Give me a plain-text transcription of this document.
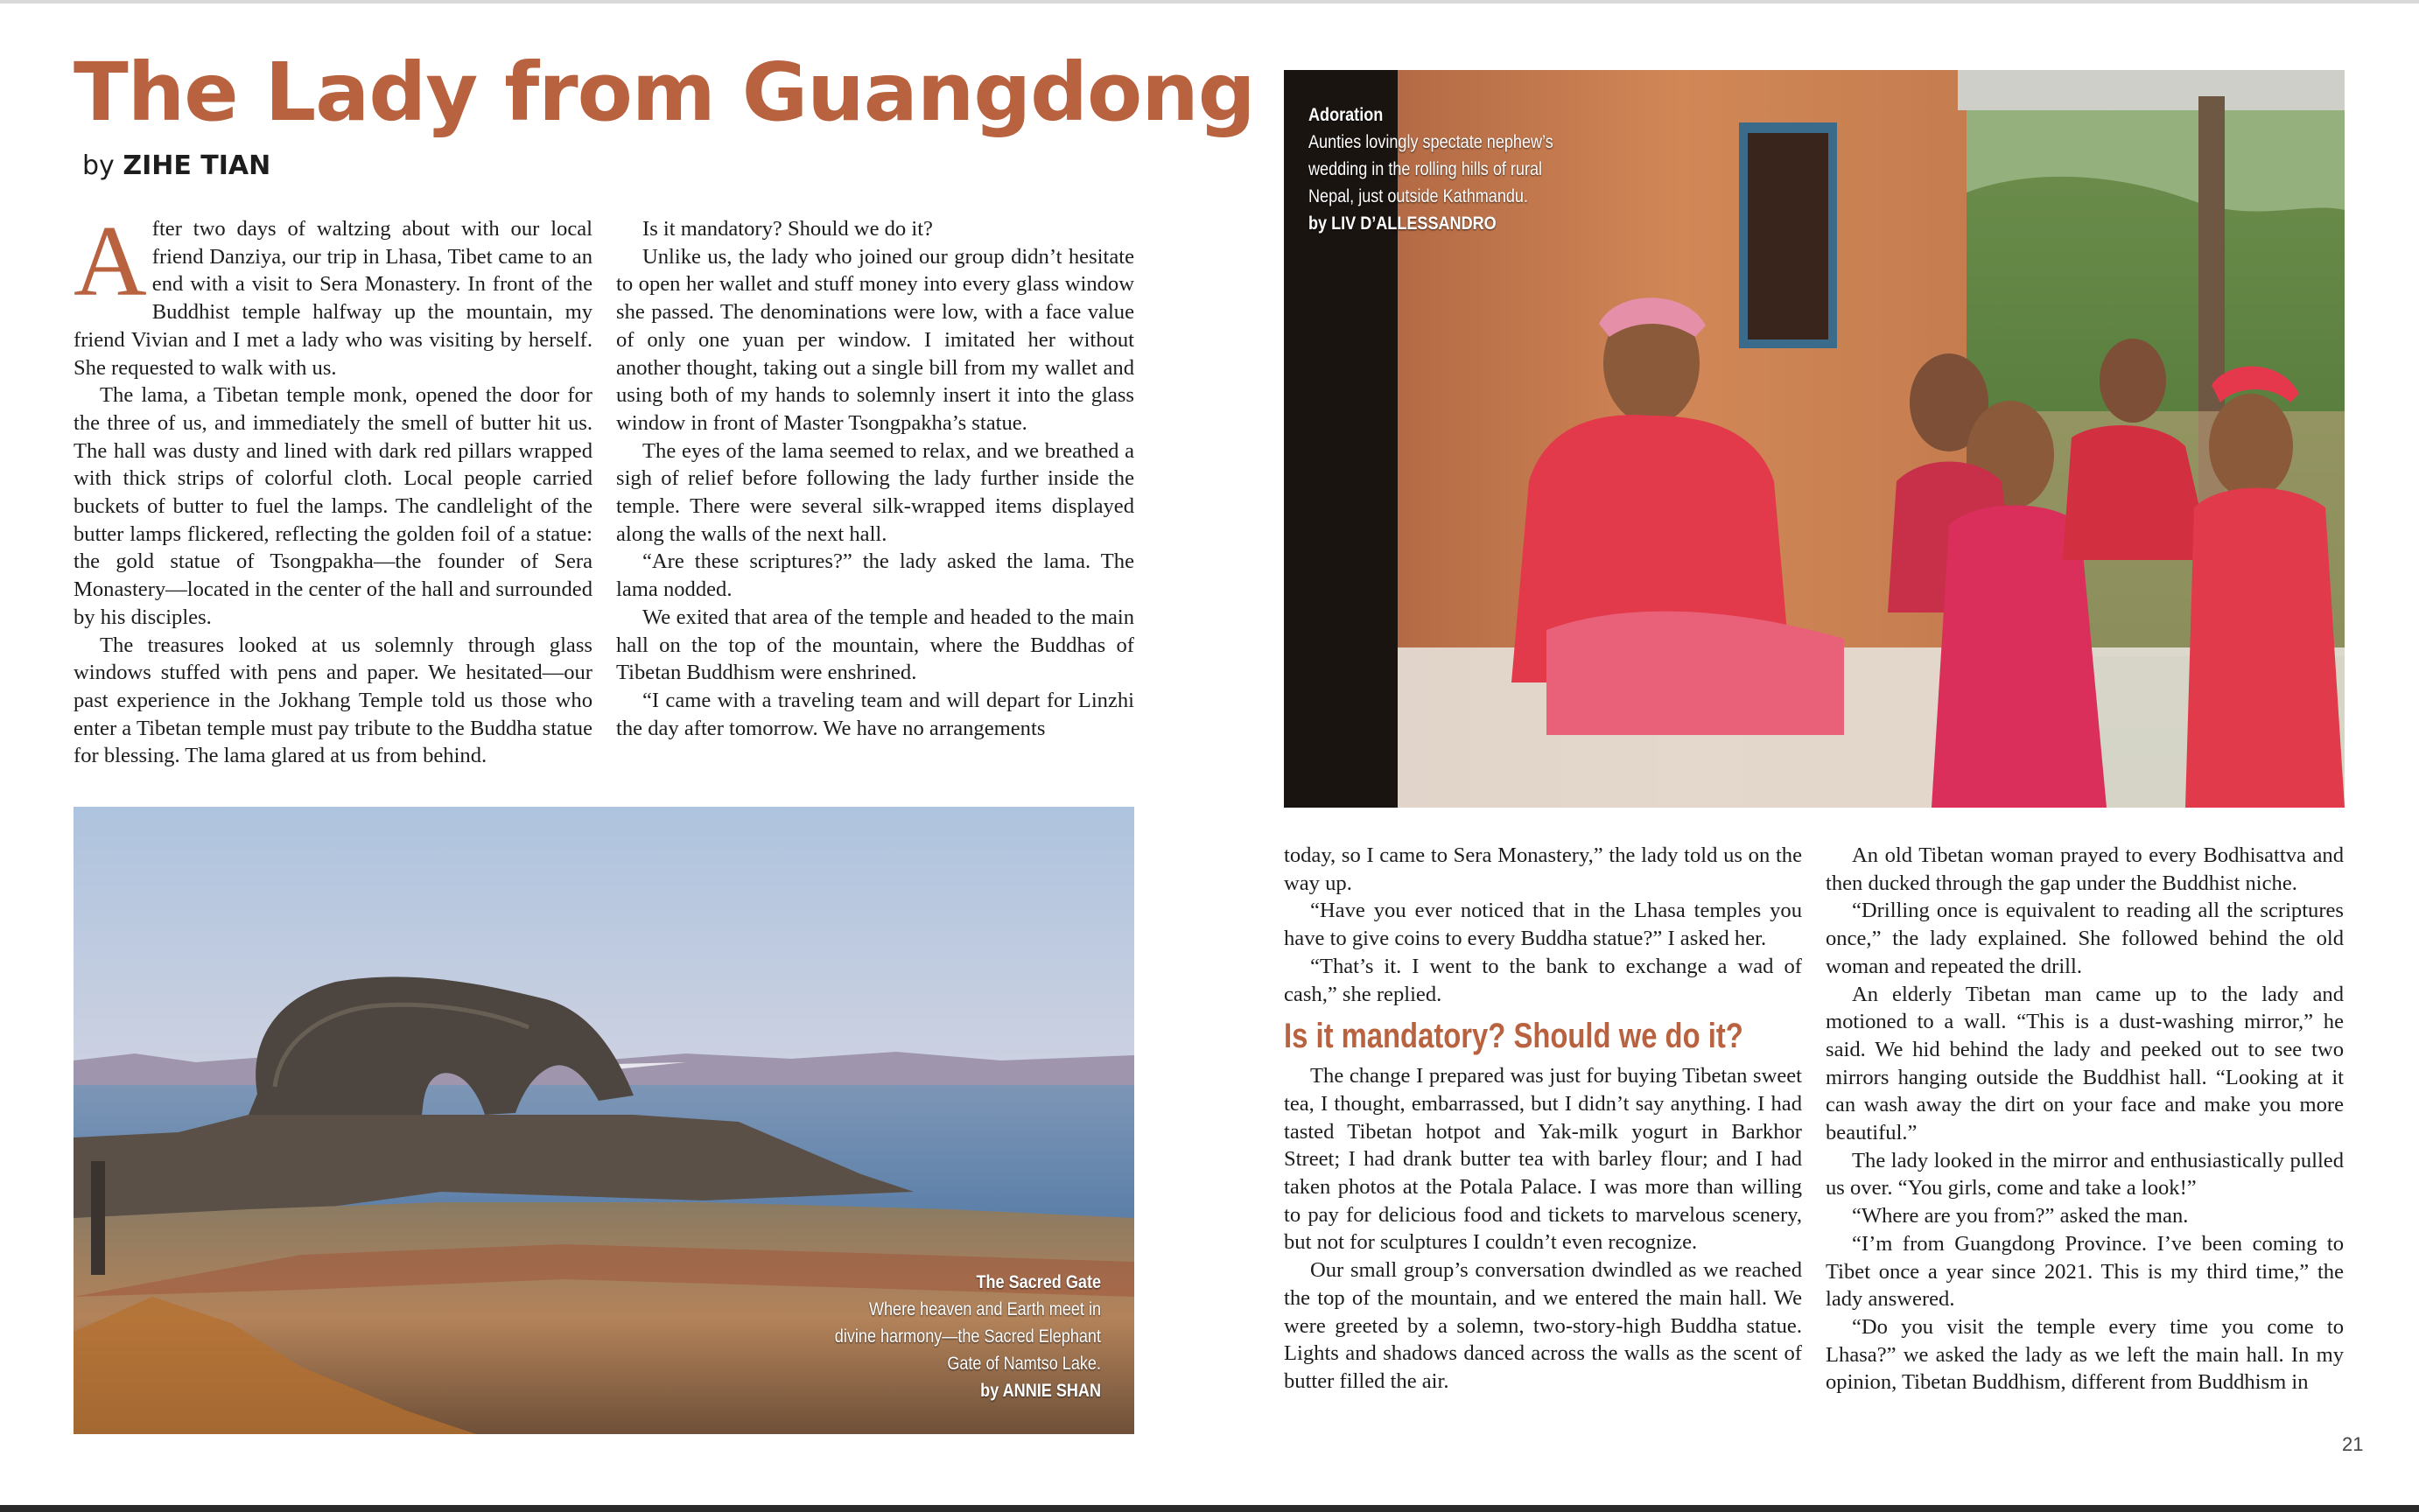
The Lady from Guangdong
by ZIHE TIAN

After two days of waltzing about with our local friend Danziya, our trip in Lhasa, Tibet came to an end with a visit to Sera Monastery. In front of the Buddhist temple halfway up the mountain, my friend Vivian and I met a lady who was visiting by herself. She requested to walk with us.

The lama, a Tibetan temple monk, opened the door for the three of us, and immediately the smell of butter hit us. The hall was dusty and lined with dark red pillars wrapped with thick strips of colorful cloth. Local people carried buckets of butter to fuel the lamps. The candlelight of the butter lamps flickered, reflecting the golden foil of a statue: the gold statue of Tsongpakha—the founder of Sera Monastery—located in the center of the hall and surrounded by his disciples.

The treasures looked at us solemnly through glass windows stuffed with pens and paper. We hesitated—our past experience in the Jokhang Temple told us those who enter a Tibetan temple must pay tribute to the Buddha statue for blessing. The lama glared at us from behind.

Is it mandatory? Should we do it?

Unlike us, the lady who joined our group didn’t hesitate to open her wallet and stuff money into every glass window she passed. The denominations were low, with a face value of only one yuan per window. I imitated her without another thought, taking out a single bill from my wallet and using both of my hands to solemnly insert it into the glass window in front of Master Tsongpakha’s statue.

The eyes of the lama seemed to relax, and we breathed a sigh of relief before following the lady further inside the temple. There were several silk-wrapped items displayed along the walls of the next hall.

“Are these scriptures?” the lady asked the lama. The lama nodded.

We exited that area of the temple and headed to the main hall on the top of the mountain, where the Buddhas of Tibetan Buddhism were enshrined.

“I came with a traveling team and will depart for Linzhi the day after tomorrow. We have no arrangements

The Sacred Gate
Where heaven and Earth meet in
divine harmony—the Sacred Elephant
Gate of Namtso Lake.
by ANNIE SHAN
Adoration
Aunties lovingly spectate nephew’s
wedding in the rolling hills of rural
Nepal, just outside Kathmandu.
by LIV D’ALLESSANDRO

today, so I came to Sera Monastery,” the lady told us on the way up.

“Have you ever noticed that in the Lhasa temples you have to give coins to every Buddha statue?” I asked her.

“That’s it. I went to the bank to exchange a wad of cash,” she replied.

Is it mandatory? Should we do it?

The change I prepared was just for buying Tibetan sweet tea, I thought, embarrassed, but I didn’t say anything. I had tasted Tibetan hotpot and Yak-milk yogurt in Barkhor Street; I had drank butter tea with barley flour; and I had taken photos at the Potala Palace. I was more than willing to pay for delicious food and tickets to marvelous scenery, but not for sculptures I couldn’t even recognize.

Our small group’s conversation dwindled as we reached the top of the mountain, and we entered the main hall. We were greeted by a solemn, two-story-high Buddha statue. Lights and shadows danced across the walls as the scent of butter filled the air.

An old Tibetan woman prayed to every Bodhisattva and then ducked through the gap under the Buddhist niche.

“Drilling once is equivalent to reading all the scriptures once,” the lady explained. She followed behind the old woman and repeated the drill.

An elderly Tibetan man came up to the lady and motioned to a wall. “This is a dust-washing mirror,” he said. We hid behind the lady and peeked out to see two mirrors hanging outside the Buddhist hall. “Looking at it can wash away the dirt on your face and make you more beautiful.”

The lady looked in the mirror and enthusiastically pulled us over. “You girls, come and take a look!”

“Where are you from?” asked the man.

“I’m from Guangdong Province. I’ve been coming to Tibet once a year since 2021. This is my third time,” the lady answered.

“Do you visit the temple every time you come to Lhasa?” we asked the lady as we left the main hall. In my opinion, Tibetan Buddhism, different from Buddhism in

21
